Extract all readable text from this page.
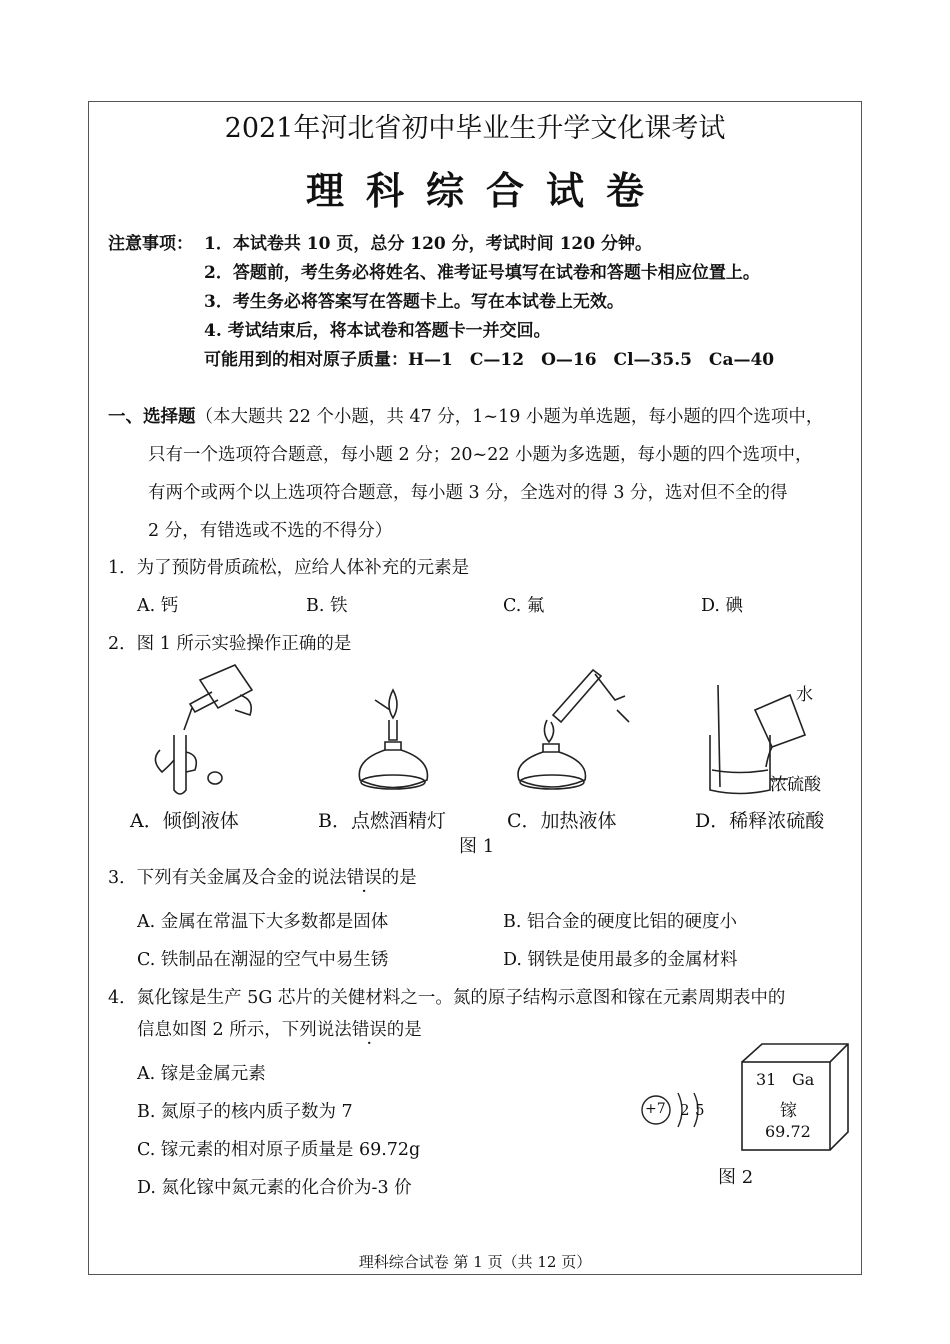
2021年河北省初中毕业生升学文化课考试
理科综合试卷
注意事项： 1．本试卷共 10 页，总分 120 分，考试时间 120 分钟。
2．答题前，考生务必将姓名、准考证号填写在试卷和答题卡相应位置上。
3．考生务必将答案写在答题卡上。写在本试卷上无效。
4. 考试结束后，将本试卷和答题卡一并交回。
可能用到的相对原子质量：H—1　C—12　O—16　Cl—35.5　Ca—40
一、选择题（本大题共 22 个小题，共 47 分，1~19 小题为单选题，每小题的四个选项中，
只有一个选项符合题意，每小题 2 分；20~22 小题为多选题，每小题的四个选项中，
有两个或两个以上选项符合题意，每小题 3 分，全选对的得 3 分，选对但不全的得
2 分，有错选或不选的不得分）
1．为了预防骨质疏松，应给人体补充的元素是
A. 钙	B. 铁	C. 氟	D. 碘
2．图 1 所示实验操作正确的是
水
浓硫酸
A．倾倒液体	B．点燃酒精灯	C．加热液体	D．稀释浓硫酸
图 1
3．下列有关金属及合金的说法错误的是
A. 金属在常温下大多数都是固体	B. 铝合金的硬度比铝的硬度小
C. 铁制品在潮湿的空气中易生锈	D. 钢铁是使用最多的金属材料
4．氮化镓是生产 5G 芯片的关健材料之一。氮的原子结构示意图和镓在元素周期表中的
信息如图 2 所示，下列说法错误的是
A. 镓是金属元素
B. 氮原子的核内质子数为 7
C. 镓元素的相对原子质量是 69.72g
D. 氮化镓中氮元素的化合价为-3 价
+7 2 5
31 Ga
镓
69.72
图 2
理科综合试卷 第 1 页（共 12 页）
